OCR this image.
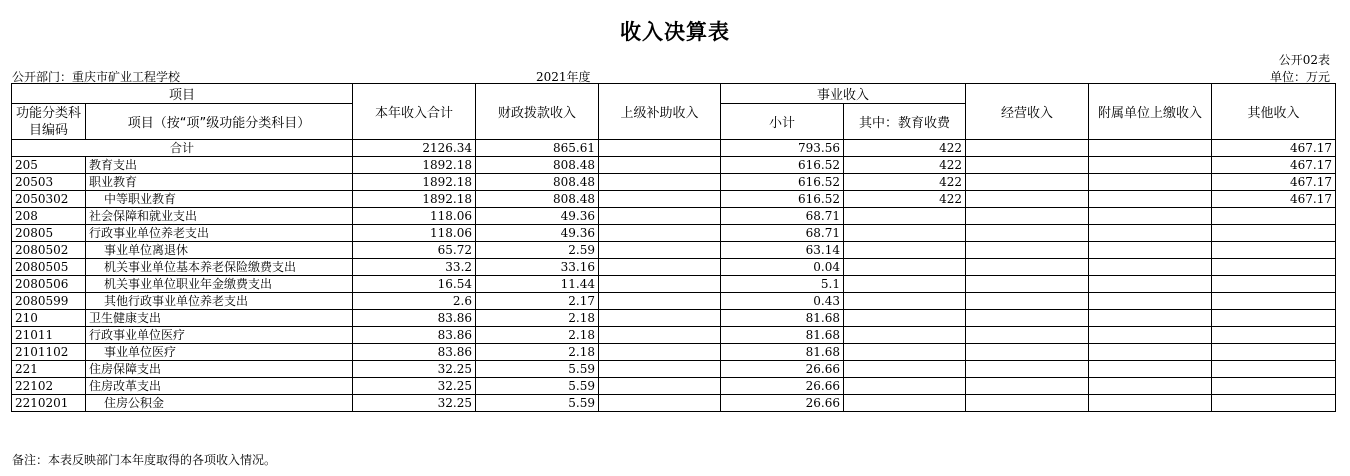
收入决算表
公开02表
公开部门：重庆市矿业工程学校	2021年度	单位：万元
项目		本年收入合计	财政拨款收入	上级补助收入	事业收入		经营收入	附属单位上缴收入	其他收入
功能分类科目编码	项目（按“项”级功能分类科目）								
					小计	其中：教育收费			
合计		2126.34	865.61		793.56	422			467.17
205	教育支出	1892.18	808.48		616.52	422			467.17
20503	职业教育	1892.18	808.48		616.52	422			467.17
2050302	中等职业教育	1892.18	808.48		616.52	422			467.17
208	社会保障和就业支出	118.06	49.36		68.71				
20805	行政事业单位养老支出	118.06	49.36		68.71				
2080502	事业单位离退休	65.72	2.59		63.14				
2080505	机关事业单位基本养老保险缴费支出	33.2	33.16		0.04				
2080506	机关事业单位职业年金缴费支出	16.54	11.44		5.1				
2080599	其他行政事业单位养老支出	2.6	2.17		0.43				
210	卫生健康支出	83.86	2.18		81.68				
21011	行政事业单位医疗	83.86	2.18		81.68				
2101102	事业单位医疗	83.86	2.18		81.68				
221	住房保障支出	32.25	5.59		26.66				
22102	住房改革支出	32.25	5.59		26.66				
2210201	住房公积金	32.25	5.59		26.66				
备注：本表反映部门本年度取得的各项收入情况。
